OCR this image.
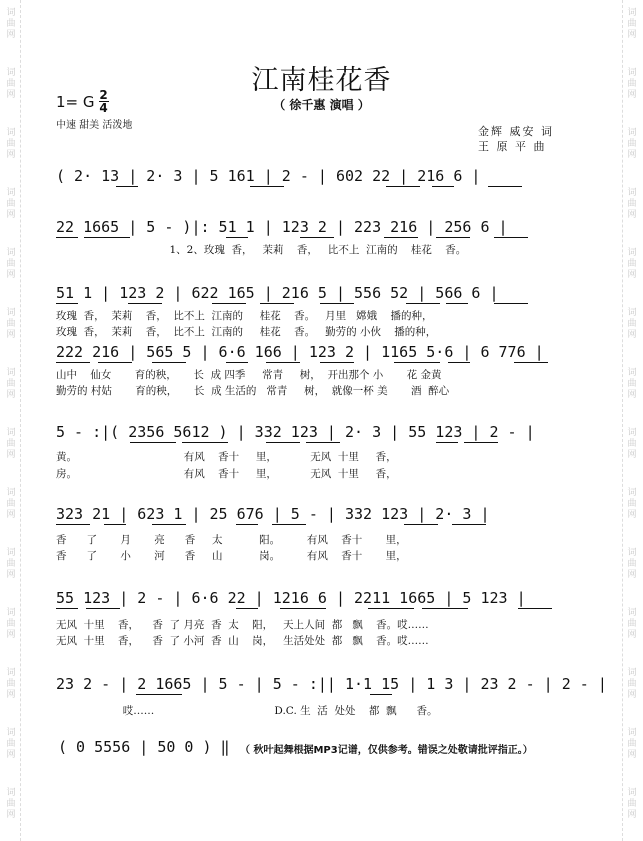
词
曲
网
词
曲
网
词
曲
网
词
曲
网
词
曲
网
词
曲
网
词
曲
网
词
曲
网
词
曲
网
词
曲
网
词
曲
网
词
曲
网
词
曲
网
词
曲
网
词
曲
网
词
曲
网
词
曲
网
词
曲
网
词
曲
网
词
曲
网
词
曲
网
词
曲
网
词
曲
网
词
曲
网
词
曲
网
词
曲
网
词
曲
网
词
曲
网
江南桂花香
（ 徐千惠 演唱 ）
1= G $\frac{2}{4}$
中速 甜美 活泼地	金辉 威安 词
王 原 平 曲
( 2· 13 | 2· 3 | 5 161 | 2 - | 602 22 | 216 6 |
22 1665 | 5 - )|: 51 1 | 123 2 | 223 216 | 256 6 |
1、2、玫瑰  香，   茉莉    香，   比不上  江南的    桂花    香。
51 1 | 123 2 | 622 165 | 216 5 | 556 52 | 566 6 |
玫瑰  香，  茉莉    香，  比不上  江南的     桂花    香。   月里   嫦娥    播的种，
玫瑰  香，  茉莉    香，  比不上  江南的     桂花    香。   勤劳的 小伙    播的种，
222 216 | 565 5 | 6·6 166 | 123 2 | 1165 5·6 | 6 776 |
山中    仙女       育的秧，     长  成 四季     常青     树，  开出那个 小       花 金黄
勤劳的 村姑       育的秧，     长  成 生活的   常青     树，  就像一杯 美       酒  醉心
5 - :|( 2356 5612 ) | 332 123 | 2· 3 | 55 123 | 2 - |
黄。                                有风    香十     里，          无风  十里     香，
房。                                有风    香十     里，          无风  十里     香，
323 21 | 623 1 | 25 676 | 5 - | 332 123 | 2· 3 |
香      了       月       亮      香     太           阳。        有风    香十       里，
香      了       小       河      香     山           岗。        有风    香十       里，
55 123 | 2 - | 6·6 22 | 1216 6 | 2211 1665 | 5 123 |
无风  十里    香，    香  了 月亮  香  太    阳，   天上人间  都   飘    香。哎……
无风  十里    香，    香  了 小河  香  山    岗，   生活处处  都   飘    香。哎……
23 2 - | 2 1665 | 5 - | 5 - :|| 1·1 15 | 1 3 | 23 2 - | 2 - |
哎……                                    D.C. 生  活  处处    都  飘      香。
( 0 5556 | 50 0 ) ‖ （ 秋叶起舞根据MP3记谱，仅供参考。错误之处敬请批评指正。）
